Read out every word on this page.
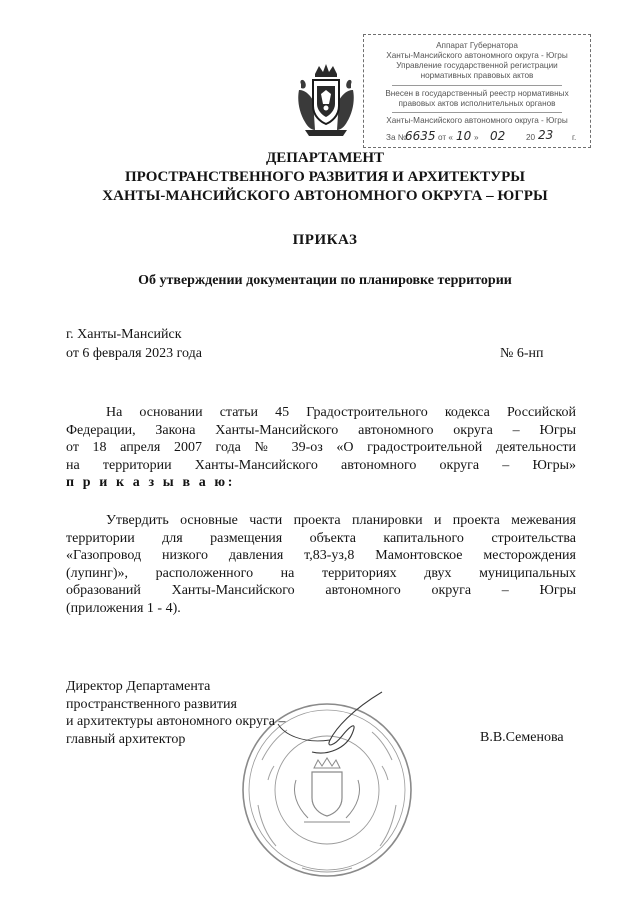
Аппарат Губернатора
Ханты-Мансийского автономного округа - Югры
Управление государственной регистрации
нормативных правовых актов
Внесен в государственный реестр нормативных
правовых актов исполнительных органов
Ханты-Мансийского автономного округа - Югры
За №
6635 от « 10 » 02	20 23 г.
ДЕПАРТАМЕНТ
ПРОСТРАНСТВЕННОГО РАЗВИТИЯ И АРХИТЕКТУРЫ
ХАНТЫ-МАНСИЙСКОГО АВТОНОМНОГО ОКРУГА – ЮГРЫ
ПРИКАЗ
Об утверждении документации по планировке территории
г. Ханты-Мансийск
от 6 февраля 2023 года	№ 6-нп
На основании статьи 45 Градостроительного кодекса Российской
Федерации, Закона Ханты-Мансийского автономного округа – Югры
от 18 апреля 2007 года № 39-оз «О градостроительной деятельности
на территории Ханты-Мансийского автономного округа – Югры»
п р и к а з ы в а ю:
Утвердить основные части проекта планировки и проекта межевания
территории для размещения объекта капитального строительства
«Газопровод низкого давления т,83-уз,8 Мамонтовское месторождения
(лупинг)», расположенного на территориях двух муниципальных
образований Ханты-Мансийского автономного округа – Югры
(приложения 1 - 4).
Директор Департамента
пространственного развития
и архитектуры автономного округа –
главный архитектор	В.В.Семенова
